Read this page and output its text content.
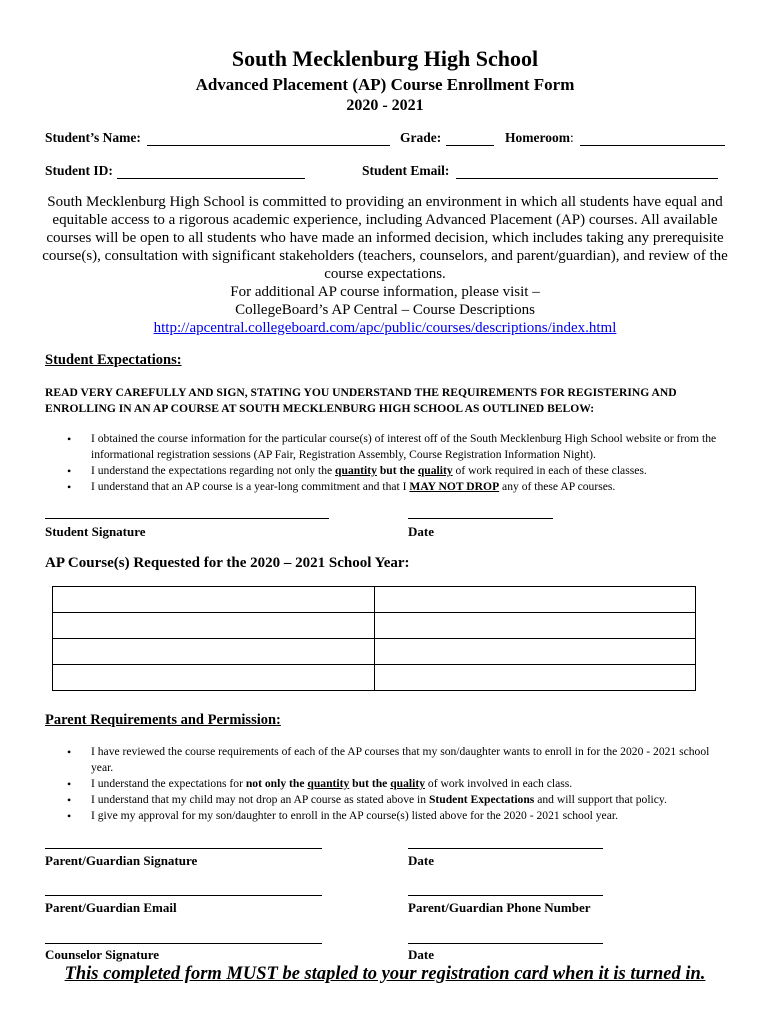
South Mecklenburg High School
Advanced Placement (AP) Course Enrollment Form
2020 - 2021
Student’s Name:	Grade:	Homeroom:
Student ID:	Student Email:

South Mecklenburg High School is committed to providing an environment in which all students have equal and equitable access to a rigorous academic experience, including Advanced Placement (AP) courses. All available courses will be open to all students who have made an informed decision, which includes taking any prerequisite course(s), consultation with significant stakeholders (teachers, counselors, and parent/guardian), and review of the course expectations.

For additional AP course information, please visit –

CollegeBoard’s AP Central – Course Descriptions

http://apcentral.collegeboard.com/apc/public/courses/descriptions/index.html

Student Expectations:
READ VERY CAREFULLY AND SIGN, STATING YOU UNDERSTAND THE REQUIREMENTS FOR REGISTERING AND ENROLLING IN AN AP COURSE AT SOUTH MECKLENBURG HIGH SCHOOL AS OUTLINED BELOW:
• I obtained the course information for the particular course(s) of interest off of the South Mecklenburg High School website or from the informational registration sessions (AP Fair, Registration Assembly, Course Registration Information Night).
• I understand the expectations regarding not only the quantity but the quality of work required in each of these classes.
• I understand that an AP course is a year-long commitment and that I MAY NOT DROP any of these AP courses.
Student Signature	Date
AP Course(s) Requested for the 2020 – 2021 School Year:

Parent Requirements and Permission:
• I have reviewed the course requirements of each of the AP courses that my son/daughter wants to enroll in for the 2020 - 2021 school year.
• I understand the expectations for not only the quantity but the quality of work involved in each class.
• I understand that my child may not drop an AP course as stated above in Student Expectations and will support that policy.
• I give my approval for my son/daughter to enroll in the AP course(s) listed above for the 2020 - 2021 school year.
Parent/Guardian Signature	Date
Parent/Guardian Email	Parent/Guardian Phone Number
Counselor Signature	Date
This completed form MUST be stapled to your registration card when it is turned in.
